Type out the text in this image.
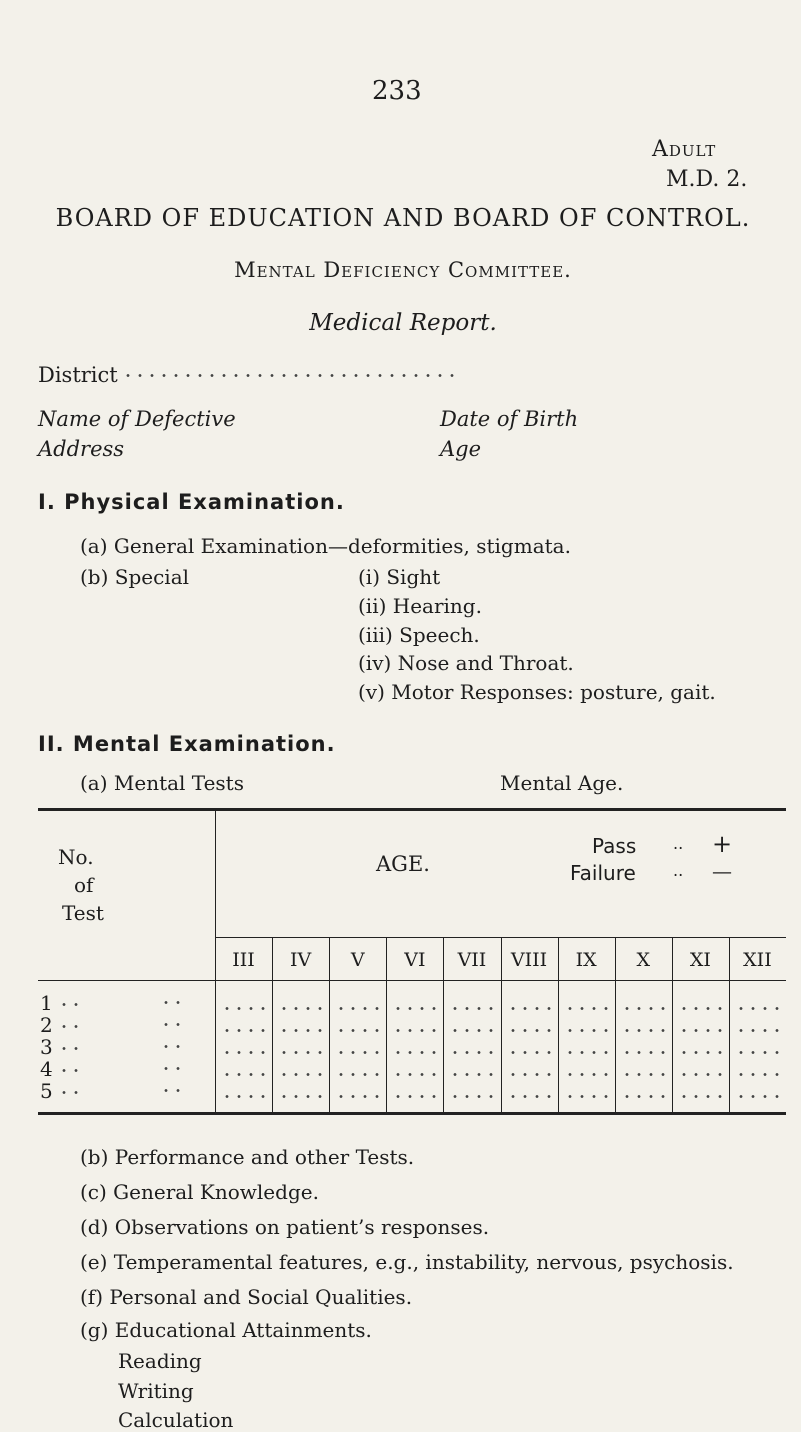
233
Adult
M.D. 2.
BOARD OF EDUCATION AND BOARD OF CONTROL.
Mental Deficiency Committee.
Medical Report.
District
Name of Defective	Date of Birth
Address	Age
I. Physical Examination.
(a) General Examination—deformities, stigmata.
(b) Special	(i) Sight
(ii) Hearing.
(iii) Speech.
(iv) Nose and Throat.
(v) Motor Responses: posture, gait.
II. Mental Examination.
(a) Mental Tests	Mental Age.
No.
of
Test
AGE.
Pass .. +
Failure .. —
III	IV	V	VI	VII	VIII	IX	X	XI	XII
1
2
3
4
5
(b) Performance and other Tests.
(c) General Knowledge.
(d) Observations on patient’s responses.
(e) Temperamental features, e.g., instability, nervous, psychosis.
(f) Personal and Social Qualities.
(g) Educational Attainments.
Reading
Writing
Calculation
